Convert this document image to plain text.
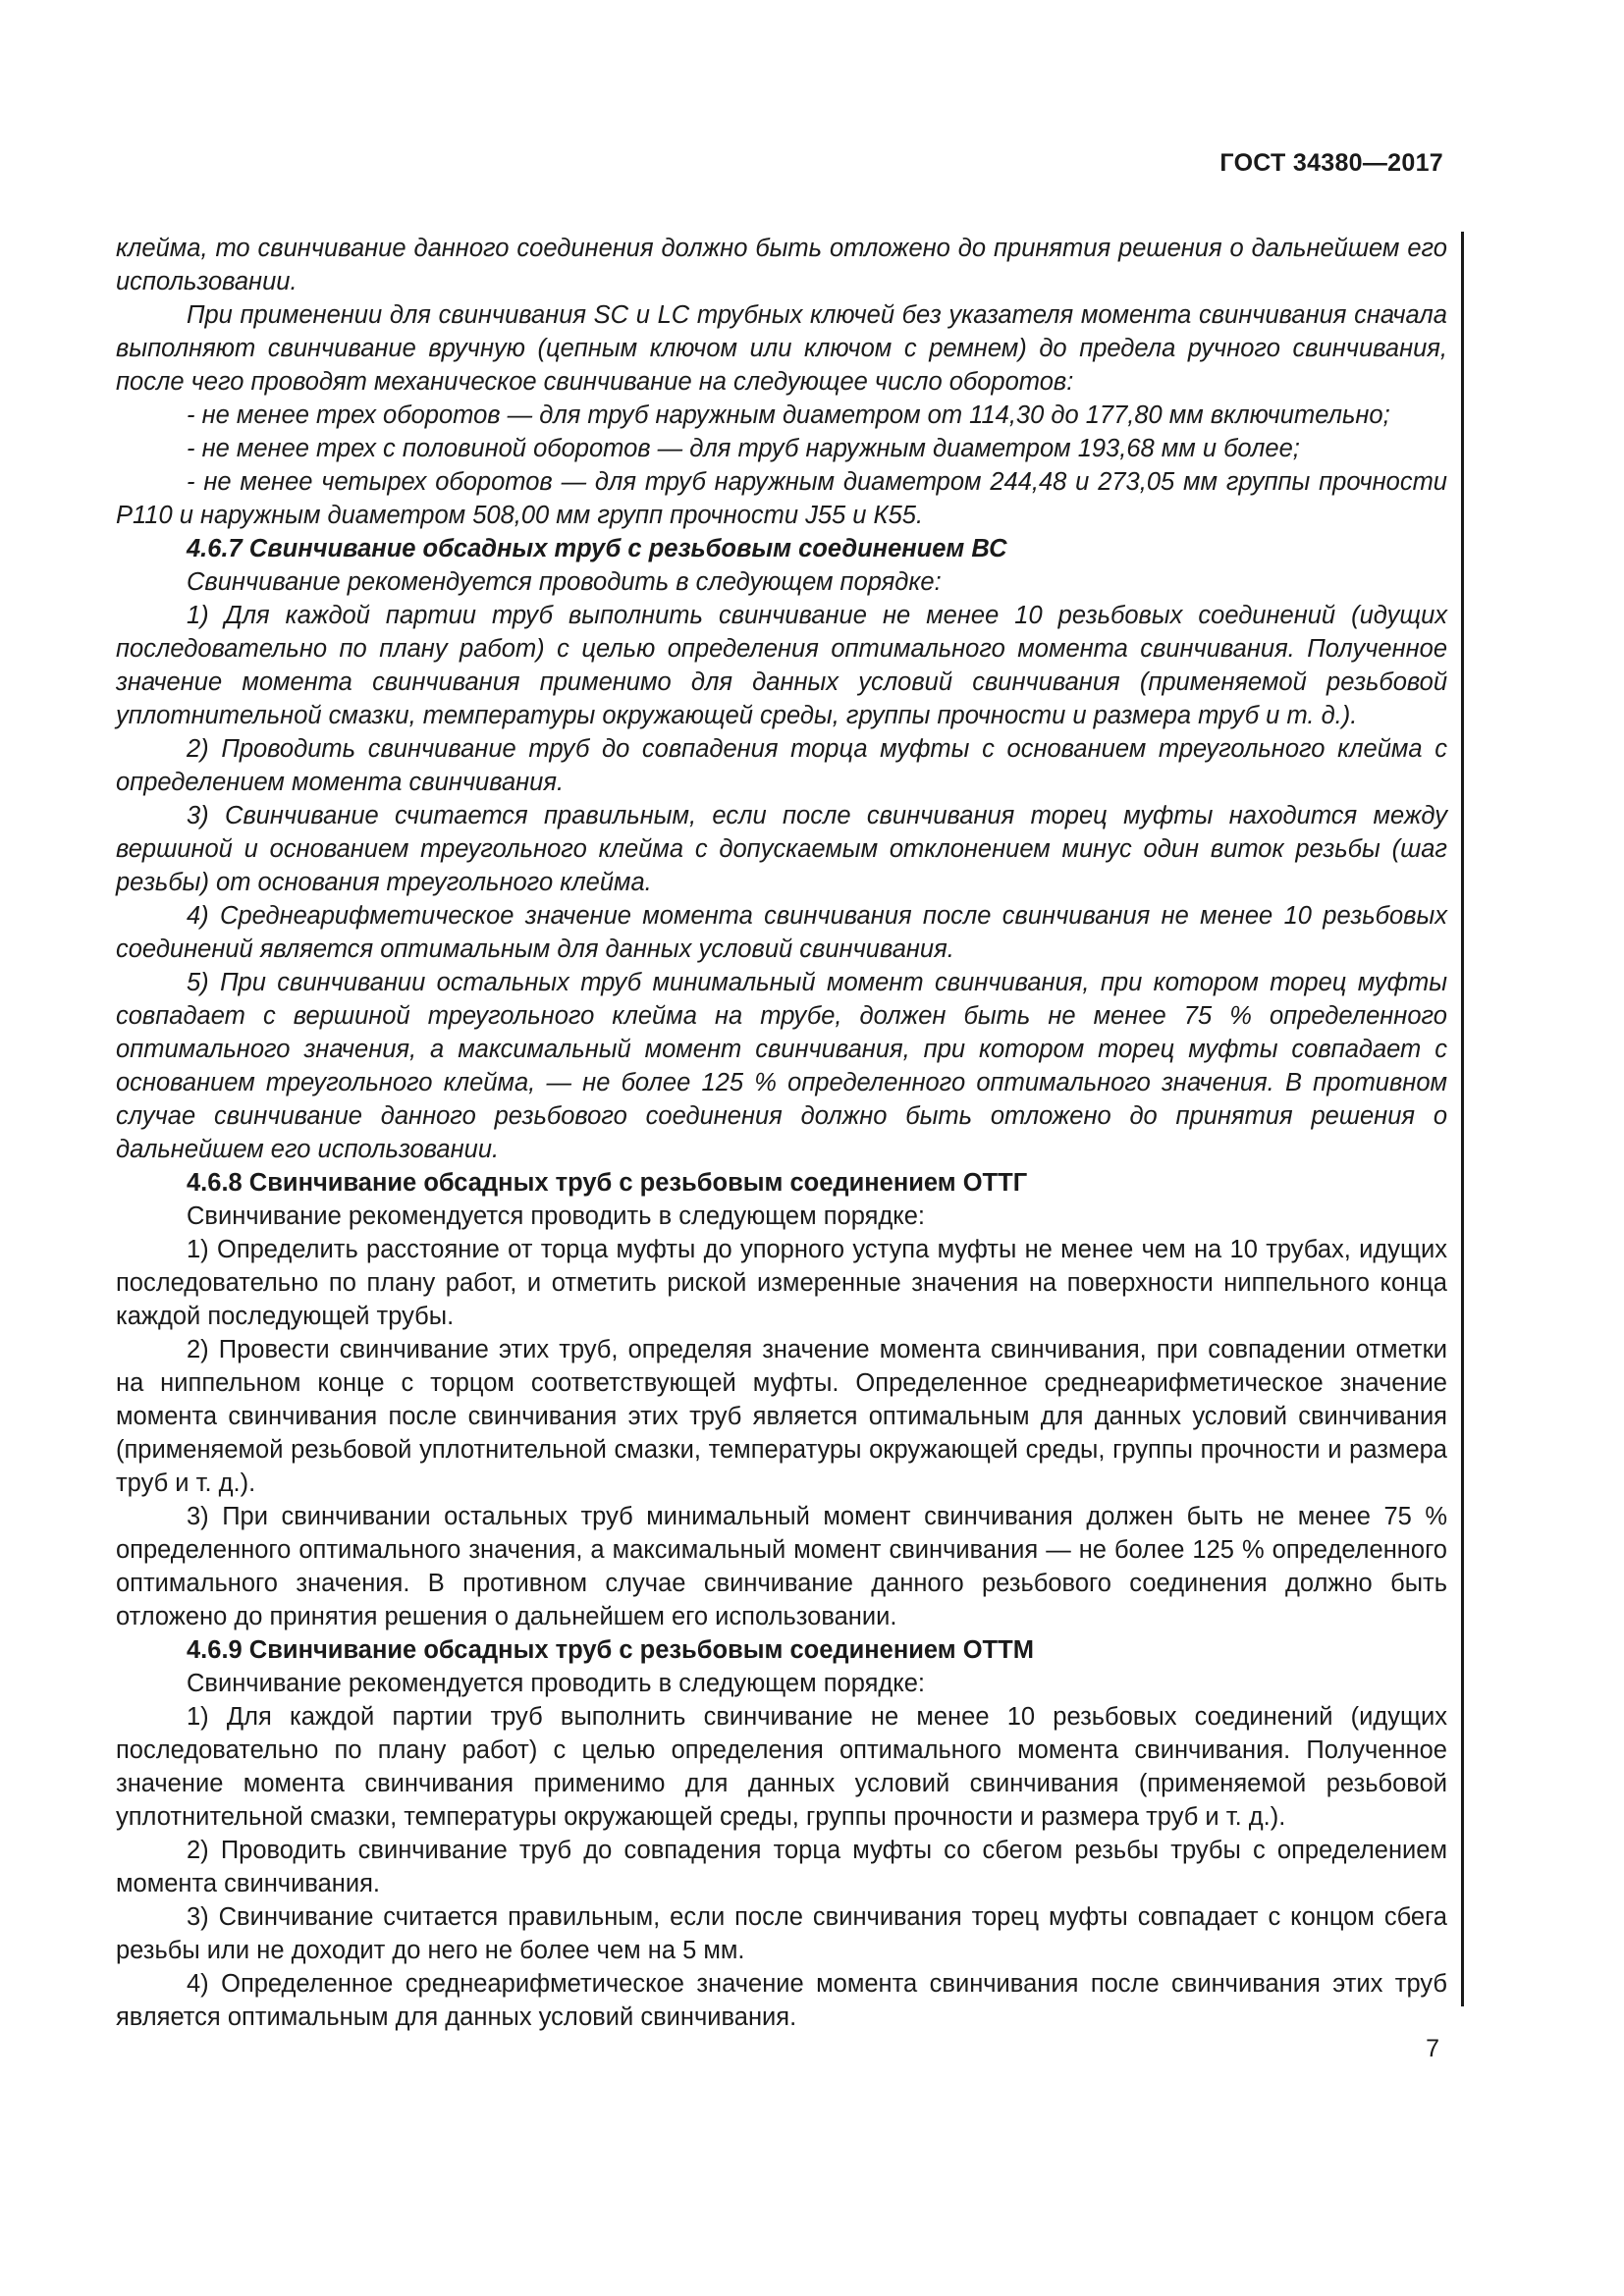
ГОСТ 34380—2017

клейма, то свинчивание данного соединения должно быть отложено до принятия решения о дальнейшем его использовании.

При применении для свинчивания SC и LC трубных ключей без указателя момента свинчивания сначала выполняют свинчивание вручную (цепным ключом или ключом с ремнем) до предела ручного свинчивания, после чего проводят механическое свинчивание на следующее число оборотов:

- не менее трех оборотов — для труб наружным диаметром от 114,30 до 177,80 мм включительно;

- не менее трех с половиной оборотов — для труб наружным диаметром 193,68 мм и более;

- не менее четырех оборотов — для труб наружным диаметром 244,48 и 273,05 мм группы прочности Р110 и наружным диаметром 508,00 мм групп прочности J55 и К55.

4.6.7 Свинчивание обсадных труб с резьбовым соединением ВС

Свинчивание рекомендуется проводить в следующем порядке:

1) Для каждой партии труб выполнить свинчивание не менее 10 резьбовых соединений (идущих последовательно по плану работ) с целью определения оптимального момента свинчивания. Полученное значение момента свинчивания применимо для данных условий свинчивания (применяемой резьбовой уплотнительной смазки, температуры окружающей среды, группы прочности и размера труб и т. д.).

2) Проводить свинчивание труб до совпадения торца муфты с основанием треугольного клейма с определением момента свинчивания.

3) Свинчивание считается правильным, если после свинчивания торец муфты находится между вершиной и основанием треугольного клейма с допускаемым отклонением минус один виток резьбы (шаг резьбы) от основания треугольного клейма.

4) Среднеарифметическое значение момента свинчивания после свинчивания не менее 10 резьбовых соединений является оптимальным для данных условий свинчивания.

5) При свинчивании остальных труб минимальный момент свинчивания, при котором торец муфты совпадает с вершиной треугольного клейма на трубе, должен быть не менее 75 % определенного оптимального значения, а максимальный момент свинчивания, при котором торец муфты совпадает с основанием треугольного клейма, — не более 125 % определенного оптимального значения. В противном случае свинчивание данного резьбового соединения должно быть отложено до принятия решения о дальнейшем его использовании.

4.6.8 Свинчивание обсадных труб с резьбовым соединением ОТТГ

Свинчивание рекомендуется проводить в следующем порядке:

1) Определить расстояние от торца муфты до упорного уступа муфты не менее чем на 10 трубах, идущих последовательно по плану работ, и отметить риской измеренные значения на поверхности ниппельного конца каждой последующей трубы.

2) Провести свинчивание этих труб, определяя значение момента свинчивания, при совпадении отметки на ниппельном конце с торцом соответствующей муфты. Определенное среднеарифметическое значение момента свинчивания после свинчивания этих труб является оптимальным для данных условий свинчивания (применяемой резьбовой уплотнительной смазки, температуры окружающей среды, группы прочности и размера труб и т. д.).

3) При свинчивании остальных труб минимальный момент свинчивания должен быть не менее 75 % определенного оптимального значения, а максимальный момент свинчивания — не более 125 % определенного оптимального значения. В противном случае свинчивание данного резьбового соединения должно быть отложено до принятия решения о дальнейшем его использовании.

4.6.9 Свинчивание обсадных труб с резьбовым соединением ОТТМ

Свинчивание рекомендуется проводить в следующем порядке:

1) Для каждой партии труб выполнить свинчивание не менее 10 резьбовых соединений (идущих последовательно по плану работ) с целью определения оптимального момента свинчивания. Полученное значение момента свинчивания применимо для данных условий свинчивания (применяемой резьбовой уплотнительной смазки, температуры окружающей среды, группы прочности и размера труб и т. д.).

2) Проводить свинчивание труб до совпадения торца муфты со сбегом резьбы трубы с определением момента свинчивания.

3) Свинчивание считается правильным, если после свинчивания торец муфты совпадает с концом сбега резьбы или не доходит до него не более чем на 5 мм.

4) Определенное среднеарифметическое значение момента свинчивания после свинчивания этих труб является оптимальным для данных условий свинчивания.

7
